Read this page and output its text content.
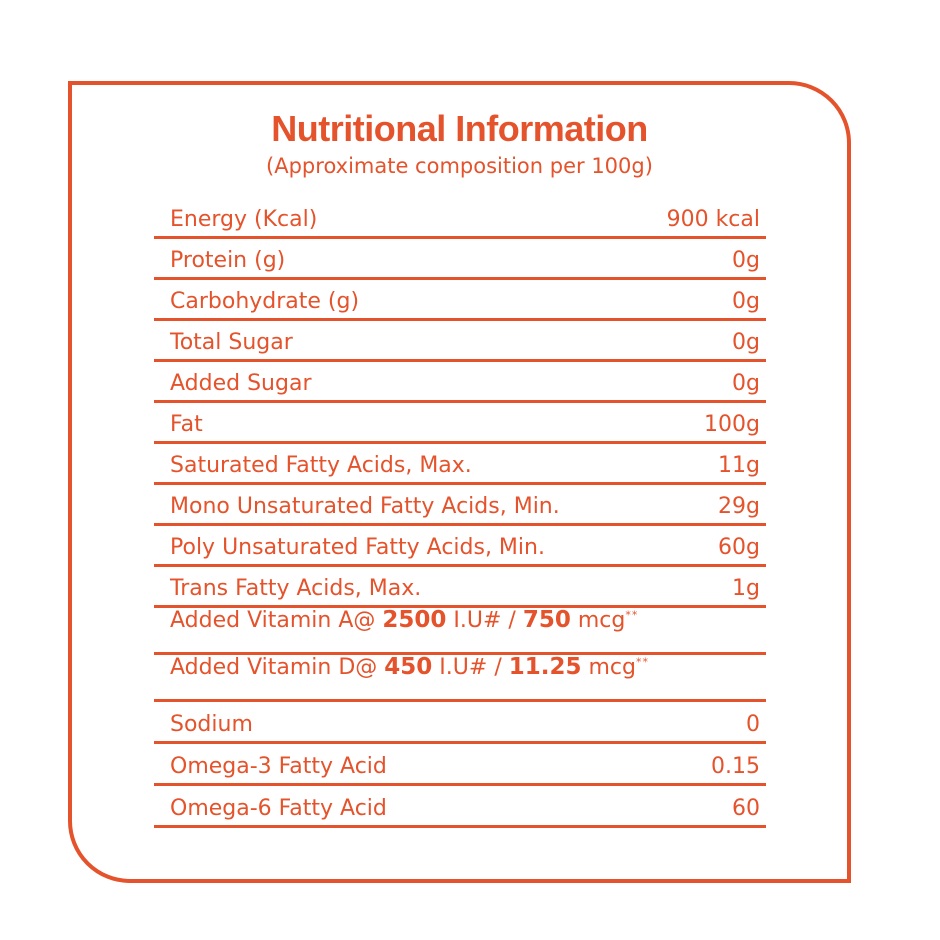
Nutritional Information
(Approximate composition per 100g)
Energy (Kcal)	900 kcal
Protein (g)	0g
Carbohydrate (g)	0g
Total Sugar	0g
Added Sugar	0g
Fat	100g
Saturated Fatty Acids, Max.	11g
Mono Unsaturated Fatty Acids, Min.	29g
Poly Unsaturated Fatty Acids, Min.	60g
Trans Fatty Acids, Max.	1g
Added Vitamin A@ 2500 I.U# / 750 mcg**
Added Vitamin D@ 450 I.U# / 11.25 mcg**
Sodium	0
Omega-3 Fatty Acid	0.15
Omega-6 Fatty Acid	60
